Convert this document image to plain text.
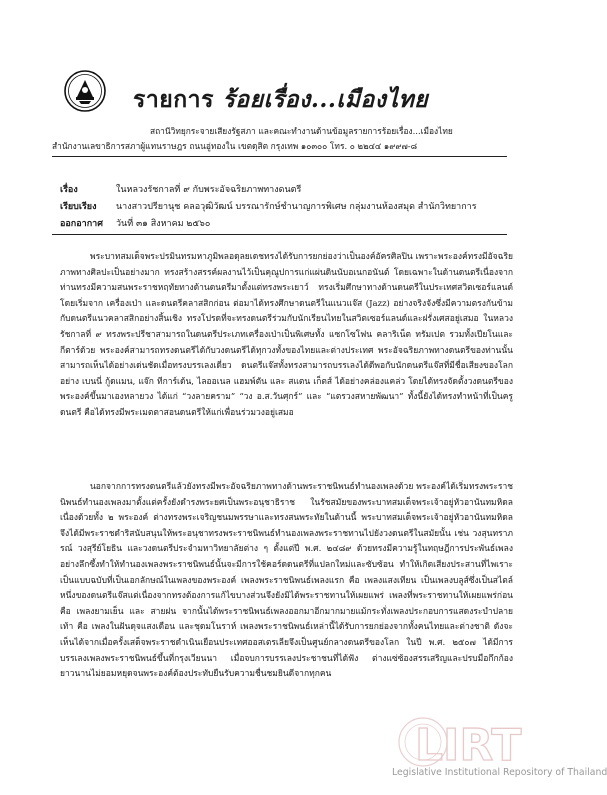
รายการ ร้อยเรื่อง...เมืองไทย
สถานีวิทยุกระจายเสียงรัฐสภา และคณะทำงานด้านข้อมูลรายการร้อยเรื่อง...เมืองไทย
สำนักงานเลขาธิการสภาผู้แทนราษฎร ถนนอู่ทองใน เขตดุสิต กรุงเทพ ๑๐๓๐๐ โทร. ๐ ๒๒๔๔ ๑๙๙๗-๘
เรื่อง	ในหลวงรัชกาลที่ ๙ กับพระอัจฉริยภาพทางดนตรี
เรียบเรียง นางสาวปรียานุช คลอวุฒิวัฒน์ บรรณารักษ์ชำนาญการพิเศษ กลุ่มงานห้องสมุด สำนักวิทยาการ
ออกอากาศ วันที่ ๓๑ สิงหาคม ๒๕๖๐

พระบาทสมเด็จพระปรมินทรมหาภูมิพลอดุลยเดชทรงได้รับการยกย่องว่าเป็นองค์อัครศิลปิน เพราะพระองค์ทรงมีอัจฉริยภาพทางศิลปะเป็นอย่างมาก ทรงสร้างสรรค์ผลงานไว้เป็นคุณูปการแก่แผ่นดินนับอเนกอนันต์ โดยเฉพาะในด้านดนตรีเนื่องจากท่านทรงมีความสนพระราชหฤทัยทางด้านดนตรีมาตั้งแต่ทรงพระเยาว์ ทรงเริ่มศึกษาทางด้านดนตรีในประเทศสวิตเซอร์แลนด์ โดยเริ่มจาก เครื่องเป่า และดนตรีคลาสสิกก่อน ต่อมาได้ทรงศึกษาดนตรีในแนวแจ๊ส (Jazz) อย่างจริงจังซึ่งมีความตรงกันข้ามกับดนตรีแนวคลาสสิกอย่างสิ้นเชิง ทรงโปรดที่จะทรงดนตรีร่วมกับนักเรียนไทยในสวิตเซอร์แลนด์และฝรั่งเศสอยู่เสมอ ในหลวงรัชกาลที่ ๙ ทรงพระปรีชาสามารถในดนตรีประเภทเครื่องเป่าเป็นพิเศษทั้ง แซกโซโฟน คลาริเน็ต ทรัมเปต รวมทั้งเปียโนและกีตาร์ด้วย พระองค์สามารถทรงดนตรีได้กับวงดนตรีได้ทุกวงทั้งของไทยและต่างประเทศ พระอัจฉริยภาพทางดนตรีของท่านนั้นสามารถเห็นได้อย่างเด่นชัดเมื่อทรงบรรเลงเดี่ยว ดนตรีแจ๊สทั้งทรงสามารถบรรเลงได้ดีพอกับนักดนตรีแจ๊สที่มีชื่อเสียงของโลกอย่าง เบนนี่ กู้ดแมน, แจ๊ก ทีการ์เด้น, ไลออเนล แฮมพ์ตัน และ สแตน เก็ตส์ ได้อย่างคล่องแคล่ว โดยได้ทรงจัดตั้งวงดนตรีของพระองค์ขึ้นมาเองหลายวง ได้แก่ “วงลายคราม” “วง อ.ส.วันศุกร์” และ “แตรวงสหายพัฒนา” ทั้งนี้ยังได้ทรงทำหน้าที่เป็นครูดนตรี คือได้ทรงมีพระเมตตาสอนดนตรีให้แก่เพื่อนร่วมวงอยู่เสมอ

นอกจากการทรงดนตรีแล้วยังทรงมีพระอัจฉริยภาพทางด้านพระราชนิพนธ์ทำนองเพลงด้วย พระองค์ได้เริ่มทรงพระราชนิพนธ์ทำนองเพลงมาตั้งแต่ครั้งยังดำรงพระยศเป็นพระอนุชาธิราช ในรัชสมัยของพระบาทสมเด็จพระเจ้าอยู่หัวอานันทมหิดล เนื่องด้วยทั้ง ๒ พระองค์ ต่างทรงพระเจริญชนมพรรษาและทรงสนพระทัยในด้านนี้ พระบาทสมเด็จพระเจ้าอยู่หัวอานันทมหิดลจึงได้มีพระราชดำริสนับสนุนให้พระอนุชาทรงพระราชนิพนธ์ทำนองเพลงพระราชทานไปยังวงดนตรีในสมัยนั้น เช่น วงสุนทราภรณ์ วงสุรีย์โยธิน และวงดนตรีประจำมหาวิทยาลัยต่าง ๆ ตั้งแต่ปี พ.ศ. ๒๔๘๙ ด้วยทรงมีความรู้ในทฤษฎีการประพันธ์เพลงอย่างลึกซึ้งทำให้ทำนองเพลงพระราชนิพนธ์นั้นจะมีการใช้คอร์ดดนตรีที่แปลกใหม่และซับซ้อน ทำให้เกิดเสียงประสานที่ไพเราะเป็นแบบฉบับที่เป็นเอกลักษณ์ในเพลงของพระองค์ เพลงพระราชนิพนธ์เพลงแรก คือ เพลงแสงเทียน เป็นเพลงบลูส์ซึ่งเป็นสไตล์หนึ่งของดนตรีแจ๊สแต่เนื่องจากทรงต้องการแก้ไขบางส่วนจึงยังมิได้พระราชทานให้เผยแพร่ เพลงที่พระราชทานให้เผยแพร่ก่อน คือ เพลงยามเย็น และ สายฝน จากนั้นได้พระราชนิพนธ์เพลงออกมาอีกมากมายแม้กระทั่งเพลงประกอบการแสดงระบำปลายเท้า คือ เพลงในฝันดุจแสงเดือน และชุดมโนราห์ เพลงพระราชนิพนธ์เหล่านี้ได้รับการยกย่องจากทั้งคนไทยและต่างชาติ ดังจะเห็นได้จากเมื่อครั้งเสด็จพระราชดำเนินเยือนประเทศออสเตรเลียจึงเป็นศูนย์กลางดนตรีของโลก ในปี พ.ศ. ๒๕๐๗ ได้มีการบรรเลงเพลงพระราชนิพนธ์ขึ้นที่กรุงเวียนนา เมื่อจบการบรรเลงประชาชนที่ได้ฟัง ต่างแซ่ซ้องสรรเสริญและปรบมือกึกก้องยาวนานไม่ยอมหยุดจนพระองค์ต้องประทับยืนรับความชื่นชมยินดีจากทุกคน

LIRT
Legislative Institutional Repository of Thailand
